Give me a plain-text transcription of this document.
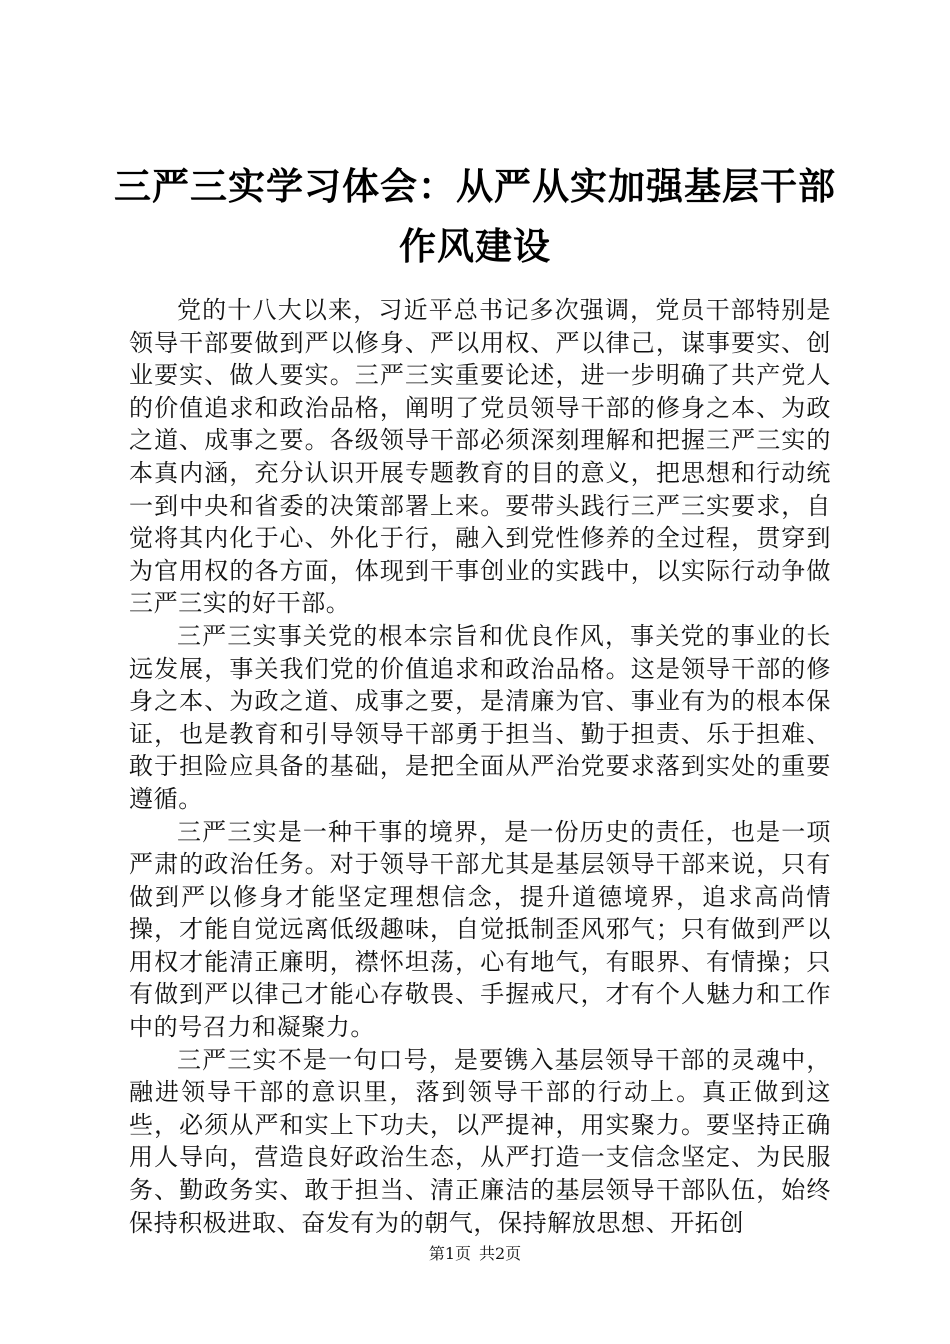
三严三实学习体会：从严从实加强基层干部作风建设

党的十八大以来，习近平总书记多次强调，党员干部特别是领导干部要做到严以修身、严以用权、严以律己，谋事要实、创业要实、做人要实。三严三实重要论述，进一步明确了共产党人的价值追求和政治品格，阐明了党员领导干部的修身之本、为政之道、成事之要。各级领导干部必须深刻理解和把握三严三实的本真内涵，充分认识开展专题教育的目的意义，把思想和行动统一到中央和省委的决策部署上来。要带头践行三严三实要求，自觉将其内化于心、外化于行，融入到党性修养的全过程，贯穿到为官用权的各方面，体现到干事创业的实践中，以实际行动争做三严三实的好干部。

三严三实事关党的根本宗旨和优良作风，事关党的事业的长远发展，事关我们党的价值追求和政治品格。这是领导干部的修身之本、为政之道、成事之要，是清廉为官、事业有为的根本保证，也是教育和引导领导干部勇于担当、勤于担责、乐于担难、敢于担险应具备的基础，是把全面从严治党要求落到实处的重要遵循。

三严三实是一种干事的境界，是一份历史的责任，也是一项严肃的政治任务。对于领导干部尤其是基层领导干部来说，只有做到严以修身才能坚定理想信念，提升道德境界，追求高尚情操，才能自觉远离低级趣味，自觉抵制歪风邪气；只有做到严以用权才能清正廉明，襟怀坦荡，心有地气，有眼界、有情操；只有做到严以律己才能心存敬畏、手握戒尺，才有个人魅力和工作中的号召力和凝聚力。

三严三实不是一句口号，是要镌入基层领导干部的灵魂中，融进领导干部的意识里，落到领导干部的行动上。真正做到这些，必须从严和实上下功夫，以严提神，用实聚力。要坚持正确用人导向，营造良好政治生态，从严打造一支信念坚定、为民服务、勤政务实、敢于担当、清正廉洁的基层领导干部队伍，始终保持积极进取、奋发有为的朝气，保持解放思想、开拓创

第1页 共2页
